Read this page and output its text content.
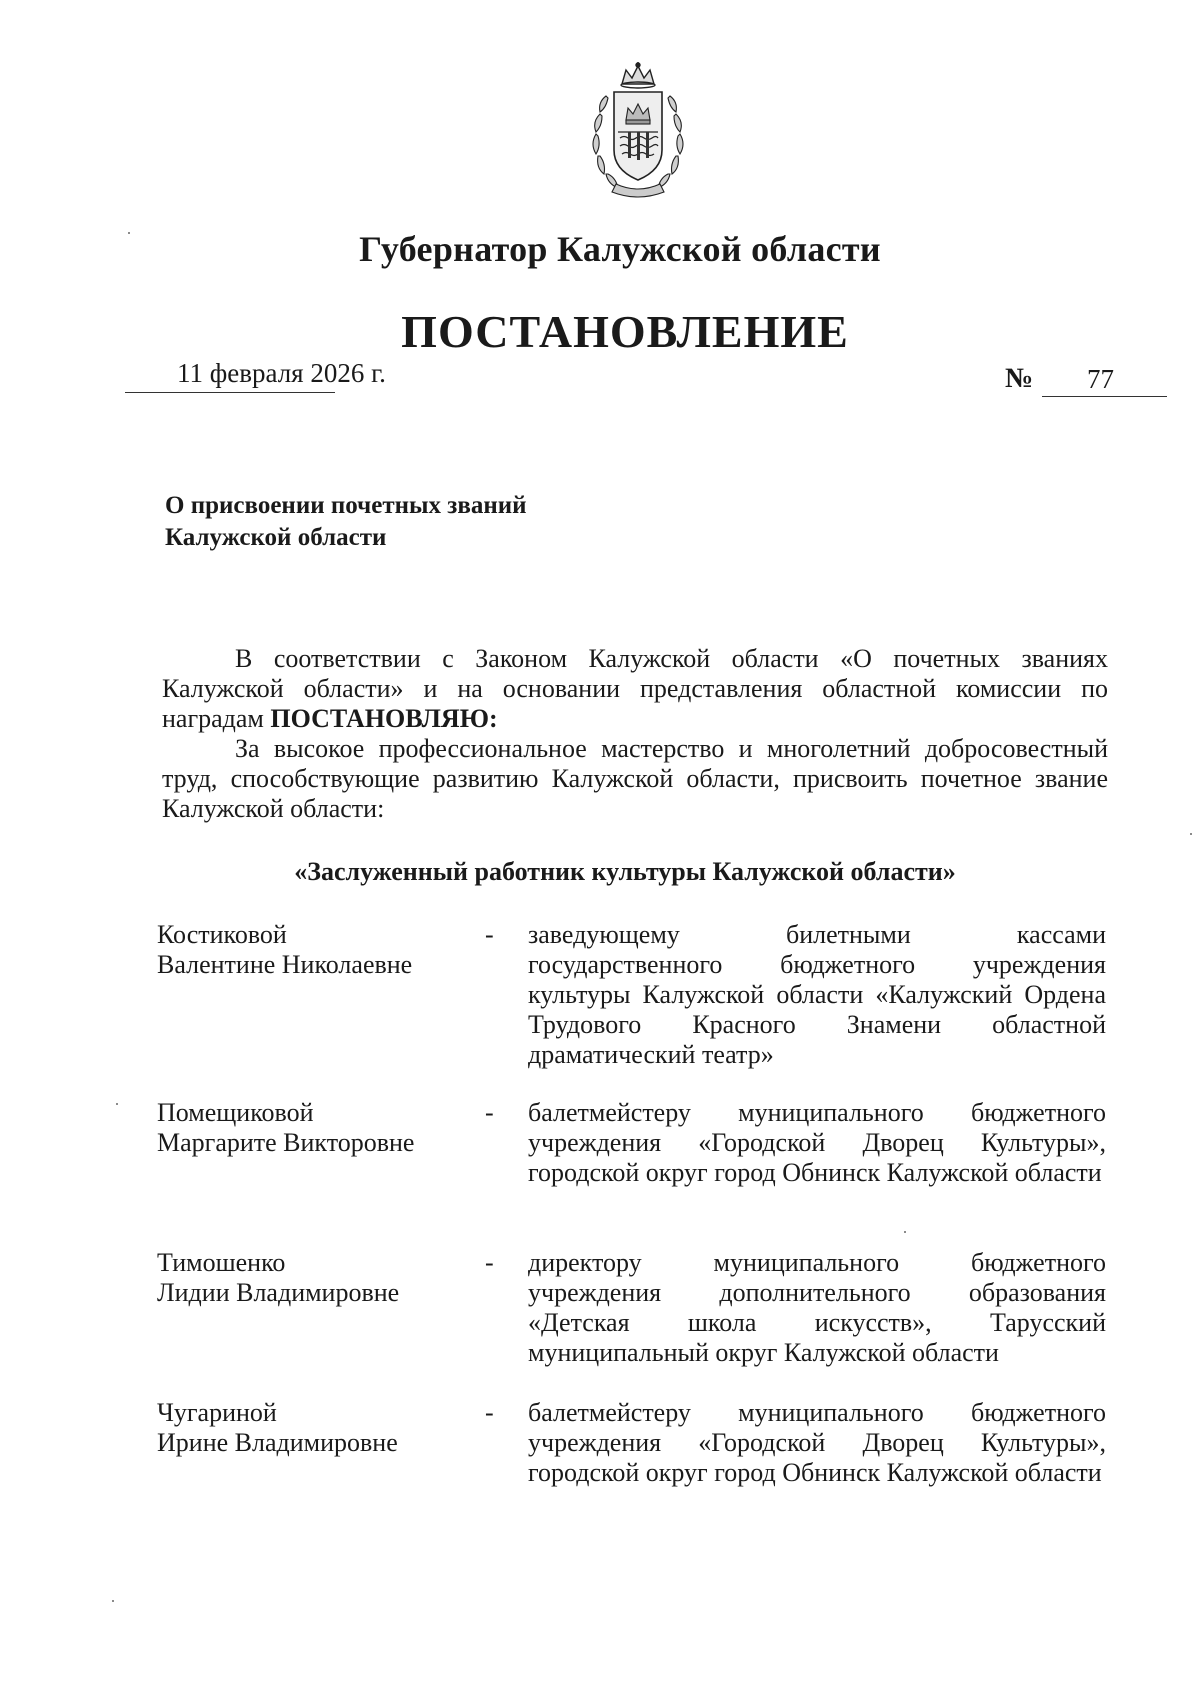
Губернатор Калужской области
ПОСТАНОВЛЕНИЕ
11 февраля 2026 г.	№ 77
О присвоении почетных званий
Калужской области

В соответствии с Законом Калужской области «О почетных званиях Калужской области» и на основании представления областной комиссии по наградам ПОСТАНОВЛЯЮ:

За высокое профессиональное мастерство и многолетний добросовестный труд, способствующие развитию Калужской области, присвоить почетное звание Калужской области:

«Заслуженный работник культуры Калужской области»
Костиковой
Валентине Николаевне
- заведующему билетными кассами государственного бюджетного учреждения культуры Калужской области «Калужский Ордена Трудового Красного Знамени областной драматический театр»
Помещиковой
Маргарите Викторовне
- балетмейстеру муниципального бюджетного учреждения «Городской Дворец Культуры», городской округ город Обнинск Калужской области
Тимошенко
Лидии Владимировне
- директору муниципального бюджетного учреждения дополнительного образования «Детская школа искусств», Тарусский муниципальный округ Калужской области
Чугариной
Ирине Владимировне
- балетмейстеру муниципального бюджетного учреждения «Городской Дворец Культуры», городской округ город Обнинск Калужской области
